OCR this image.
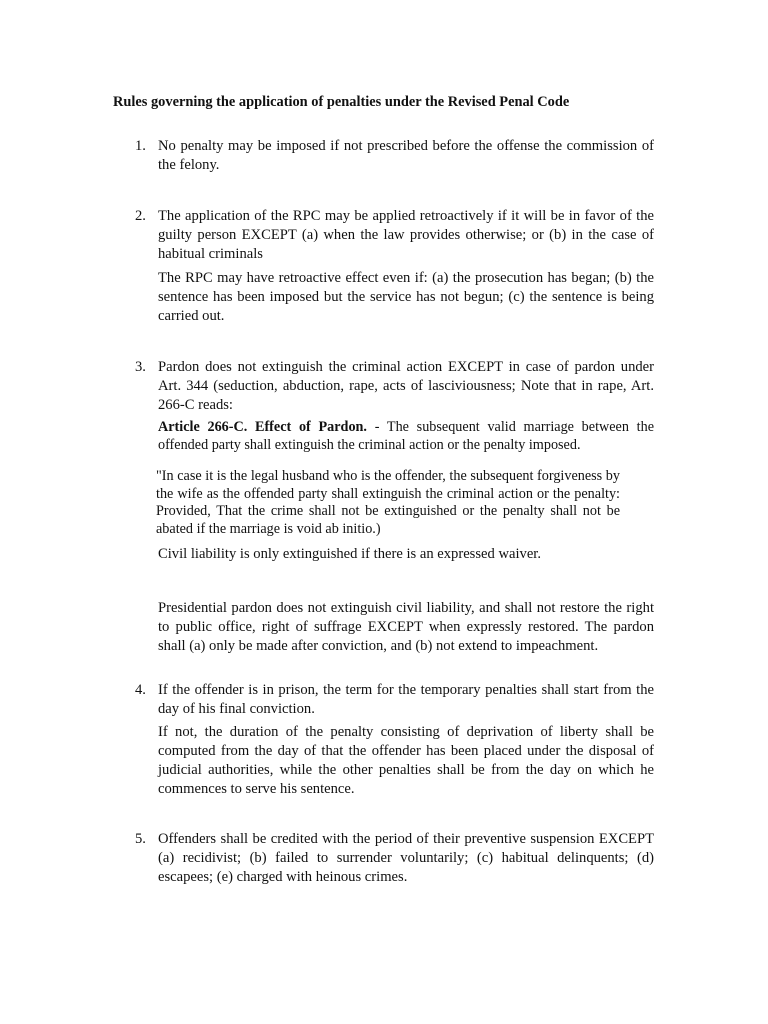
Rules governing the application of penalties under the Revised Penal Code
1. No penalty may be imposed if not prescribed before the offense the commission of the felony.

2. The application of the RPC may be applied retroactively if it will be in favor of the guilty person EXCEPT (a) when the law provides otherwise; or (b) in the case of habitual criminals

The RPC may have retroactive effect even if: (a) the prosecution has began; (b) the sentence has been imposed but the service has not begun; (c) the sentence is being carried out.

3. Pardon does not extinguish the criminal action EXCEPT in case of pardon under Art. 344 (seduction, abduction, rape, acts of lasciviousness; Note that in rape, Art. 266-C reads:

Article 266-C. Effect of Pardon. - The subsequent valid marriage between the offended party shall extinguish the criminal action or the penalty imposed.

"In case it is the legal husband who is the offender, the subsequent forgiveness by the wife as the offended party shall extinguish the criminal action or the penalty: Provided, That the crime shall not be extinguished or the penalty shall not be abated if the marriage is void ab initio.)

Civil liability is only extinguished if there is an expressed waiver.

Presidential pardon does not extinguish civil liability, and shall not restore the right to public office, right of suffrage EXCEPT when expressly restored. The pardon shall (a) only be made after conviction, and (b) not extend to impeachment.

4. If the offender is in prison, the term for the temporary penalties shall start from the day of his final conviction.

If not, the duration of the penalty consisting of deprivation of liberty shall be computed from the day of that the offender has been placed under the disposal of judicial authorities, while the other penalties shall be from the day on which he commences to serve his sentence.

5. Offenders shall be credited with the period of their preventive suspension EXCEPT (a) recidivist; (b) failed to surrender voluntarily; (c) habitual delinquents; (d) escapees; (e) charged with heinous crimes.
